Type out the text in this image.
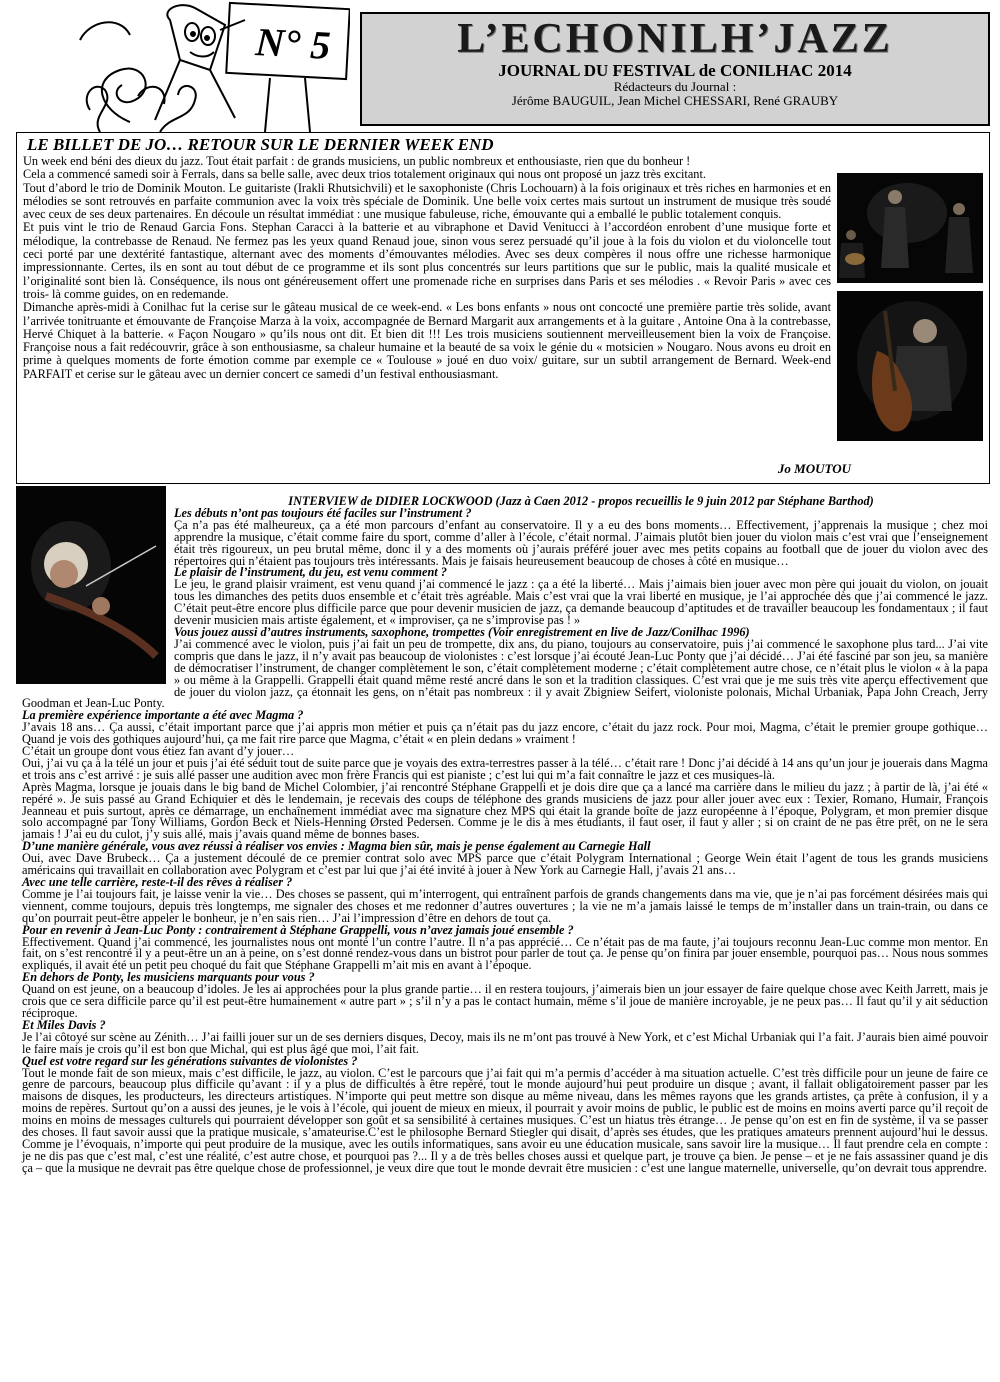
N° 5	L’ECHONILH’JAZZ
JOURNAL DU FESTIVAL de CONILHAC 2014
Rédacteurs du Journal :
Jérôme BAUGUIL, Jean Michel CHESSARI, René GRAUBY
LE BILLET DE JO… RETOUR SUR LE DERNIER WEEK END

Un week end béni des dieux du jazz. Tout était parfait : de grands musiciens, un public nombreux et enthousiaste, rien que du bonheur !

Cela a commencé samedi soir à Ferrals, dans sa belle salle, avec deux trios totalement originaux qui nous ont proposé un jazz très excitant.

Tout d’abord le trio de Dominik Mouton. Le guitariste (Irakli Rhutsichvili) et le saxophoniste (Chris Lochouarn) à la fois originaux et très riches en harmonies et en mélodies se sont retrouvés en parfaite communion avec la voix très spéciale de Dominik. Une belle voix certes mais surtout un instrument de musique très soudé avec ceux de ses deux partenaires. En découle un résultat immédiat : une musique fabuleuse, riche, émouvante qui a emballé le public totalement conquis.

Et puis vint le trio de Renaud Garcia Fons. Stephan Caracci à la batterie et au vibraphone et David Venitucci à l’accordéon enrobent d’une musique forte et mélodique, la contrebasse de Renaud. Ne fermez pas les yeux quand Renaud joue, sinon vous serez persuadé qu’il joue à la fois du violon et du violoncelle tout ceci porté par une dextérité fantastique, alternant avec des moments d’émouvantes mélodies. Avec ses deux compères il nous offre une richesse harmonique impressionnante. Certes, ils en sont au tout début de ce programme et ils sont plus concentrés sur leurs partitions que sur le public, mais la qualité musicale et l’originalité sont bien là. Conséquence, ils nous ont généreusement offert une promenade riche en surprises dans Paris et ses mélodies . « Revoir Paris » avec ces trois- là comme guides, on en redemande.

Dimanche après-midi à Conilhac fut la cerise sur le gâteau musical de ce week-end. « Les bons enfants » nous ont concocté une première partie très solide, avant l’arrivée tonitruante et émouvante de Françoise Marza à la voix, accompagnée de Bernard Margarit aux arrangements et à la guitare , Antoine Ona à la contrebasse, Hervé Chiquet à la batterie. « Façon Nougaro » qu’ils nous ont dit. Et bien dit !!! Les trois musiciens soutiennent merveilleusement bien la voix de Françoise. Françoise nous a fait redécouvrir, grâce à son enthousiasme, sa chaleur humaine et la beauté de sa voix le génie du « motsicien » Nougaro. Nous avons eu droit en prime à quelques moments de forte émotion comme par exemple ce « Toulouse » joué en duo voix/ guitare, sur un subtil arrangement de Bernard. Week-end PARFAIT et cerise sur le gâteau avec un dernier concert ce samedi d’un festival enthousiasmant.

Jo MOUTOU
INTERVIEW de DIDIER LOCKWOOD (Jazz à Caen 2012 - propos recueillis le 9 juin 2012 par Stéphane Barthod)

Les débuts n’ont pas toujours été faciles sur l’instrument ?

Ça n’a pas été malheureux, ça a été mon parcours d’enfant au conservatoire. Il y a eu des bons moments… Effectivement, j’apprenais la musique ; chez moi apprendre la musique, c’était comme faire du sport, comme d’aller à l’école, c’était normal. J’aimais plutôt bien jouer du violon mais c’est vrai que l’enseignement était très rigoureux, un peu brutal même, donc il y a des moments où j’aurais préféré jouer avec mes petits copains au football que de jouer du violon avec des répertoires qui n’étaient pas toujours très intéressants. Mais je faisais heureusement beaucoup de choses à côté en musique…

Le plaisir de l’instrument, du jeu, est venu comment ?

Le jeu, le grand plaisir vraiment, est venu quand j’ai commencé le jazz : ça a été la liberté… Mais j’aimais bien jouer avec mon père qui jouait du violon, on jouait tous les dimanches des petits duos ensemble et c’était très agréable. Mais c’est vrai que la vrai liberté en musique, je l’ai approchée dès que j’ai commencé le jazz. C’était peut-être encore plus difficile parce que pour devenir musicien de jazz, ça demande beaucoup d’aptitudes et de travailler beaucoup les fondamentaux ; il faut devenir musicien mais artiste également, et « improviser, ça ne s’improvise pas ! »

Vous jouez aussi d’autres instruments, saxophone, trompettes (Voir enregistrement en live de Jazz/Conilhac 1996)

J’ai commencé avec le violon, puis j’ai fait un peu de trompette, dix ans, du piano, toujours au conservatoire, puis j’ai commencé le saxophone plus tard... J’ai vite compris que dans le jazz, il n’y avait pas beaucoup de violonistes : c’est lorsque j’ai écouté Jean-Luc Ponty que j’ai décidé… J’ai été fasciné par son jeu, sa manière de démocratiser l’instrument, de changer complètement le son, c’était complètement moderne ; c’était complètement autre chose, ce n’était plus le violon « à la papa » ou même à la Grappelli. Grappelli était quand même resté ancré dans le son et la tradition classiques. C’est vrai que je me suis très vite aperçu effectivement que de jouer du violon jazz, ça étonnait les gens, on n’était pas nombreux : il y avait Zbigniew Seifert, violoniste polonais, Michal Urbaniak, Papa John Creach, Jerry Goodman et Jean-Luc Ponty.

La première expérience importante a été avec Magma ?

J’avais 18 ans… Ça aussi, c’était important parce que j’ai appris mon métier et puis ça n’était pas du jazz encore, c’était du jazz rock. Pour moi, Magma, c’était le premier groupe gothique… Quand je vois des gothiques aujourd’hui, ça me fait rire parce que Magma, c’était « en plein dedans » vraiment !

C’était un groupe dont vous étiez fan avant d’y jouer…

Oui, j’ai vu ça à la télé un jour et puis j’ai été séduit tout de suite parce que je voyais des extra-terrestres passer à la télé… c’était rare ! Donc j’ai décidé à 14 ans qu’un jour je jouerais dans Magma et trois ans c’est arrivé : je suis allé passer une audition avec mon frère Francis qui est pianiste ; c’est lui qui m’a fait connaître le jazz et ces musiques-là.

Après Magma, lorsque je jouais dans le big band de Michel Colombier, j’ai rencontré Stéphane Grappelli et je dois dire que ça a lancé ma carrière dans le milieu du jazz ; à partir de là, j’ai été « repéré ». Je suis passé au Grand Echiquier et dès le lendemain, je recevais des coups de téléphone des grands musiciens de jazz pour aller jouer avec eux : Texier, Romano, Humair, François Jeanneau et puis surtout, après ce démarrage, un enchaînement immédiat avec ma signature chez MPS qui était la grande boîte de jazz européenne à l’époque, Polygram, et mon premier disque solo accompagné par Tony Williams, Gordon Beck et Niels-Henning Ørsted Pedersen. Comme je le dis à mes étudiants, il faut oser, il faut y aller ; si on craint de ne pas être prêt, on ne le sera jamais ! J’ai eu du culot, j’y suis allé, mais j’avais quand même de bonnes bases.

D’une manière générale, vous avez réussi à réaliser vos envies : Magma bien sûr, mais je pense également au Carnegie Hall

Oui, avec Dave Brubeck… Ça a justement découlé de ce premier contrat solo avec MPS parce que c’était Polygram International ; George Wein était l’agent de tous les grands musiciens américains qui travaillait en collaboration avec Polygram et c’est par lui que j’ai été invité à jouer à New York au Carnegie Hall, j’avais 21 ans…

Avec une telle carrière, reste-t-il des rêves à réaliser ?

Comme je l’ai toujours fait, je laisse venir la vie… Des choses se passent, qui m’interrogent, qui entraînent parfois de grands changements dans ma vie, que je n’ai pas forcément désirées mais qui viennent, comme toujours, depuis très longtemps, me signaler des choses et me redonner d’autres ouvertures ; la vie ne m’a jamais laissé le temps de m’installer dans un train-train, ou dans ce qu’on pourrait peut-être appeler le bonheur, je n’en sais rien… J’ai l’impression d’être en dehors de tout ça.

Pour en revenir à Jean-Luc Ponty : contrairement à Stéphane Grappelli, vous n’avez jamais joué ensemble ?

Effectivement. Quand j’ai commencé, les journalistes nous ont monté l’un contre l’autre. Il n’a pas apprécié… Ce n’était pas de ma faute, j’ai toujours reconnu Jean-Luc comme mon mentor. En fait, on s’est rencontré il y a peut-être un an à peine, on s’est donné rendez-vous dans un bistrot pour parler de tout ça. Je pense qu’on finira par jouer ensemble, pourquoi pas… Nous nous sommes expliqués, il avait été un petit peu choqué du fait que Stéphane Grappelli m’ait mis en avant à l’époque.

En dehors de Ponty, les musiciens marquants pour vous ?

Quand on est jeune, on a beaucoup d’idoles. Je les ai approchées pour la plus grande partie… il en restera toujours, j’aimerais bien un jour essayer de faire quelque chose avec Keith Jarrett, mais je crois que ce sera difficile parce qu’il est peut-être humainement « autre part » ; s’il n’y a pas le contact humain, même s’il joue de manière incroyable, je ne peux pas… Il faut qu’il y ait séduction réciproque.

Et Miles Davis ?

Je l’ai côtoyé sur scène au Zénith… J’ai failli jouer sur un de ses derniers disques, Decoy, mais ils ne m’ont pas trouvé à New York, et c’est Michal Urbaniak qui l’a fait. J’aurais bien aimé pouvoir le faire mais je crois qu’il est bon que Michal, qui est plus âgé que moi, l’ait fait.

Quel est votre regard sur les générations suivantes de violonistes ?

Tout le monde fait de son mieux, mais c’est difficile, le jazz, au violon. C’est le parcours que j’ai fait qui m’a permis d’accéder à ma situation actuelle. C’est très difficile pour un jeune de faire ce genre de parcours, beaucoup plus difficile qu’avant : il y a plus de difficultés à être repéré, tout le monde aujourd’hui peut produire un disque ; avant, il fallait obligatoirement passer par les maisons de disques, les producteurs, les directeurs artistiques. N’importe qui peut mettre son disque au même niveau, dans les mêmes rayons que les grands artistes, ça prête à confusion, il y a moins de repères. Surtout qu’on a aussi des jeunes, je le vois à l’école, qui jouent de mieux en mieux, il pourrait y avoir moins de public, le public est de moins en moins averti parce qu’il reçoit de moins en moins de messages culturels qui pourraient développer son goût et sa sensibilité à certaines musiques. C’est un hiatus très étrange… Je pense qu’on est en fin de système, il va se passer des choses. Il faut savoir aussi que la pratique musicale, s’amateurise.C’est le philosophe Bernard Stiegler qui disait, d’après ses études, que les pratiques amateurs prennent aujourd’hui le dessus. Comme je l’évoquais, n’importe qui peut produire de la musique, avec les outils informatiques, sans avoir eu une éducation musicale, sans savoir lire la musique… Il faut prendre cela en compte : je ne dis pas que c’est mal, c’est une réalité, c’est autre chose, et pourquoi pas ?... Il y a de très belles choses aussi et quelque part, je trouve ça bien. Je pense – et je ne fais assassiner quand je dis ça – que la musique ne devrait pas être quelque chose de professionnel, je veux dire que tout le monde devrait être musicien : c’est une langue maternelle, universelle, qu’on devrait tous apprendre.
